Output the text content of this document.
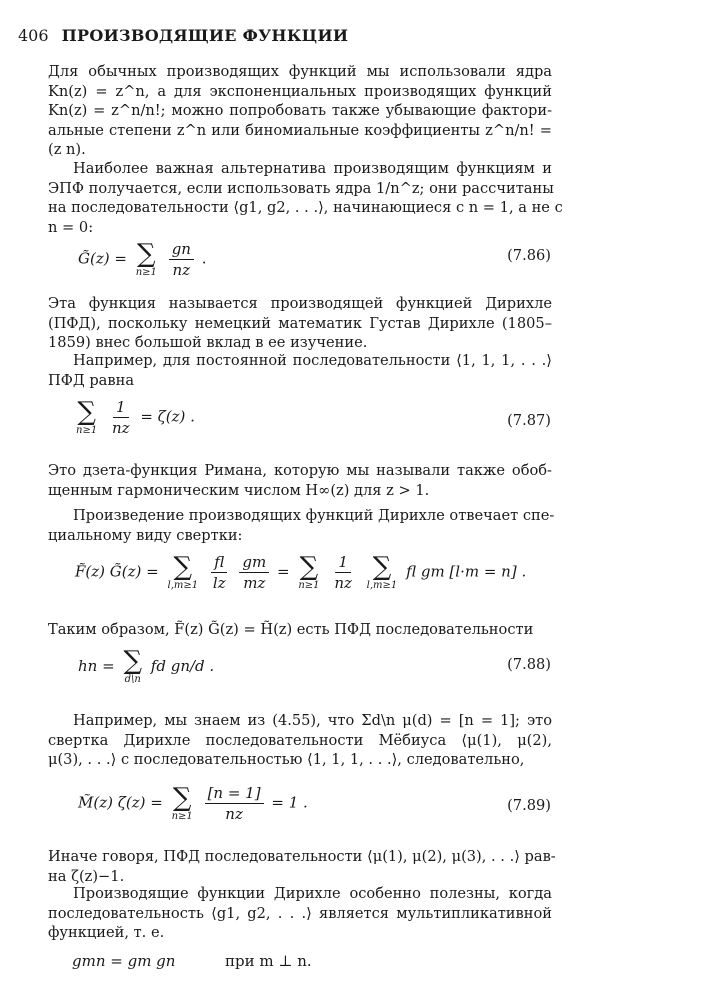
406 ПРОИЗВОДЯЩИЕ ФУНКЦИИ
Для обычных производящих функций мы использовали ядра
Kn(z) = z^n, а для экспоненциальных производящих функций
Kn(z) = z^n/n!; можно попробовать также убывающие фактори-
альные степени z^n или биномиальные коэффициенты z^n/n! =
(z n).
Наиболее важная альтернатива производящим функциям и
ЭПФ получается, если использовать ядра 1/n^z; они рассчитаны
на последовательности ⟨g1, g2, . . .⟩, начинающиеся с n = 1, а не с
n = 0:
G̃(z) = ∑
n≥1
$\frac{gn}{nz}$ .	(7.86)
Эта функция называется производящей функцией Дирихле
(ПФД), поскольку немецкий математик Густав Дирихле (1805–
1859) внес большой вклад в ее изучение.
Например, для постоянной последовательности ⟨1, 1, 1, . . .⟩
ПФД равна
∑
n≥1
$\frac{1}{nz} = \zeta(z)$ .	(7.87)
Это дзета-функция Римана, которую мы называли также обоб-
щенным гармоническим числом H∞(z) для z > 1.
Произведение производящих функций Дирихле отвечает спе-
циальному виду свертки:
F̃(z) G̃(z) = ∑
l,m≥1
$\frac{fl}{lz}$
$\frac{gm}{mz}$ = ∑
n≥1
$\frac{1}{nz}$
∑
l,m≥1
fl gm [l·m = n] .
Таким образом, F̃(z) G̃(z) = H̃(z) есть ПФД последовательности
hn = ∑
d\n
fd gn/d .	(7.88)
Например, мы знаем из (4.55), что Σd\n μ(d) = [n = 1]; это
свертка Дирихле последовательности Мёбиуса ⟨μ(1), μ(2),
μ(3), . . .⟩ с последовательностью ⟨1, 1, 1, . . .⟩, следовательно,
M̃(z) ζ(z) = ∑
n≥1
$\frac{[n = 1]}{nz} = 1$ .	(7.89)
Иначе говоря, ПФД последовательности ⟨μ(1), μ(2), μ(3), . . .⟩ рав-
на ζ(z)−1.
Производящие функции Дирихле особенно полезны, когда
последовательность ⟨g1, g2, . . .⟩ является мультипликативной
функцией, т. е.
gmn = gm gn	при m ⊥ n.
